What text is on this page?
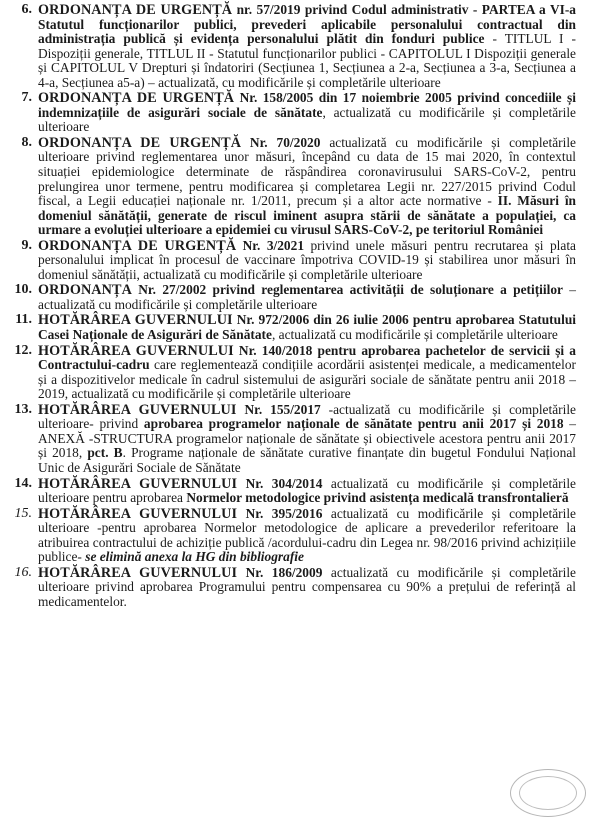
6. ORDONANȚA DE URGENȚĂ nr. 57/2019 privind Codul administrativ - PARTEA a VI-a Statutul funcționarilor publici, prevederi aplicabile personalului contractual din administrația publică și evidența personalului plătit din fonduri publice - TITLUL I - Dispoziții generale, TITLUL II - Statutul funcționarilor publici - CAPITOLUL I Dispoziții generale și CAPITOLUL V Drepturi și îndatoriri (Secțiunea 1, Secțiunea a 2-a, Secțiunea a 3-a, Secțiunea a 4-a, Secțiunea a5-a) – actualizată, cu modificările și completările ulterioare
7. ORDONANȚA DE URGENȚĂ Nr. 158/2005 din 17 noiembrie 2005 privind concediile și indemnizațiile de asigurări sociale de sănătate, actualizată cu modificările și completările ulterioare
8. ORDONANȚA DE URGENȚĂ Nr. 70/2020 actualizată cu modificările și completările ulterioare privind reglementarea unor măsuri, începând cu data de 15 mai 2020, în contextul situației epidemiologice determinate de răspândirea coronavirusului SARS-CoV-2, pentru prelungirea unor termene, pentru modificarea și completarea Legii nr. 227/2015 privind Codul fiscal, a Legii educației naționale nr. 1/2011, precum și a altor acte normative - II. Măsuri în domeniul sănătății, generate de riscul iminent asupra stării de sănătate a populației, ca urmare a evoluției ulterioare a epidemiei cu virusul SARS-CoV-2, pe teritoriul României
9. ORDONANȚA DE URGENȚĂ Nr. 3/2021 privind unele măsuri pentru recrutarea și plata personalului implicat în procesul de vaccinare împotriva COVID-19 și stabilirea unor măsuri în domeniul sănătății, actualizată cu modificările și completările ulterioare
10. ORDONANȚA Nr. 27/2002 privind reglementarea activității de soluționare a petițiilor – actualizată cu modificările și completările ulterioare
11. HOTĂRÂREA GUVERNULUI Nr. 972/2006 din 26 iulie 2006 pentru aprobarea Statutului Casei Naționale de Asigurări de Sănătate, actualizată cu modificările și completările ulterioare
12. HOTĂRÂREA GUVERNULUI Nr. 140/2018 pentru aprobarea pachetelor de servicii și a Contractului-cadru care reglementează condițiile acordării asistenței medicale, a medicamentelor și a dispozitivelor medicale în cadrul sistemului de asigurări sociale de sănătate pentru anii 2018 – 2019, actualizată cu modificările și completările ulterioare
13. HOTĂRÂREA GUVERNULUI Nr. 155/2017 -actualizată cu modificările și completările ulterioare- privind aprobarea programelor naționale de sănătate pentru anii 2017 și 2018 – ANEXĂ -STRUCTURA programelor naționale de sănătate și obiectivele acestora pentru anii 2017 și 2018, pct. B. Programe naționale de sănătate curative finanțate din bugetul Fondului Național Unic de Asigurări Sociale de Sănătate
14. HOTĂRÂREA GUVERNULUI Nr. 304/2014 actualizată cu modificările și completările ulterioare pentru aprobarea Normelor metodologice privind asistența medicală transfrontalieră
15. HOTĂRÂREA GUVERNULUI Nr. 395/2016 actualizată cu modificările și completările ulterioare -pentru aprobarea Normelor metodologice de aplicare a prevederilor referitoare la atribuirea contractului de achiziție publică /acordului-cadru din Legea nr. 98/2016 privind achizițiile publice- se elimină anexa la HG din bibliografie
16. HOTĂRÂREA GUVERNULUI Nr. 186/2009 actualizată cu modificările și completările ulterioare privind aprobarea Programului pentru compensarea cu 90% a prețului de referință al medicamentelor.
